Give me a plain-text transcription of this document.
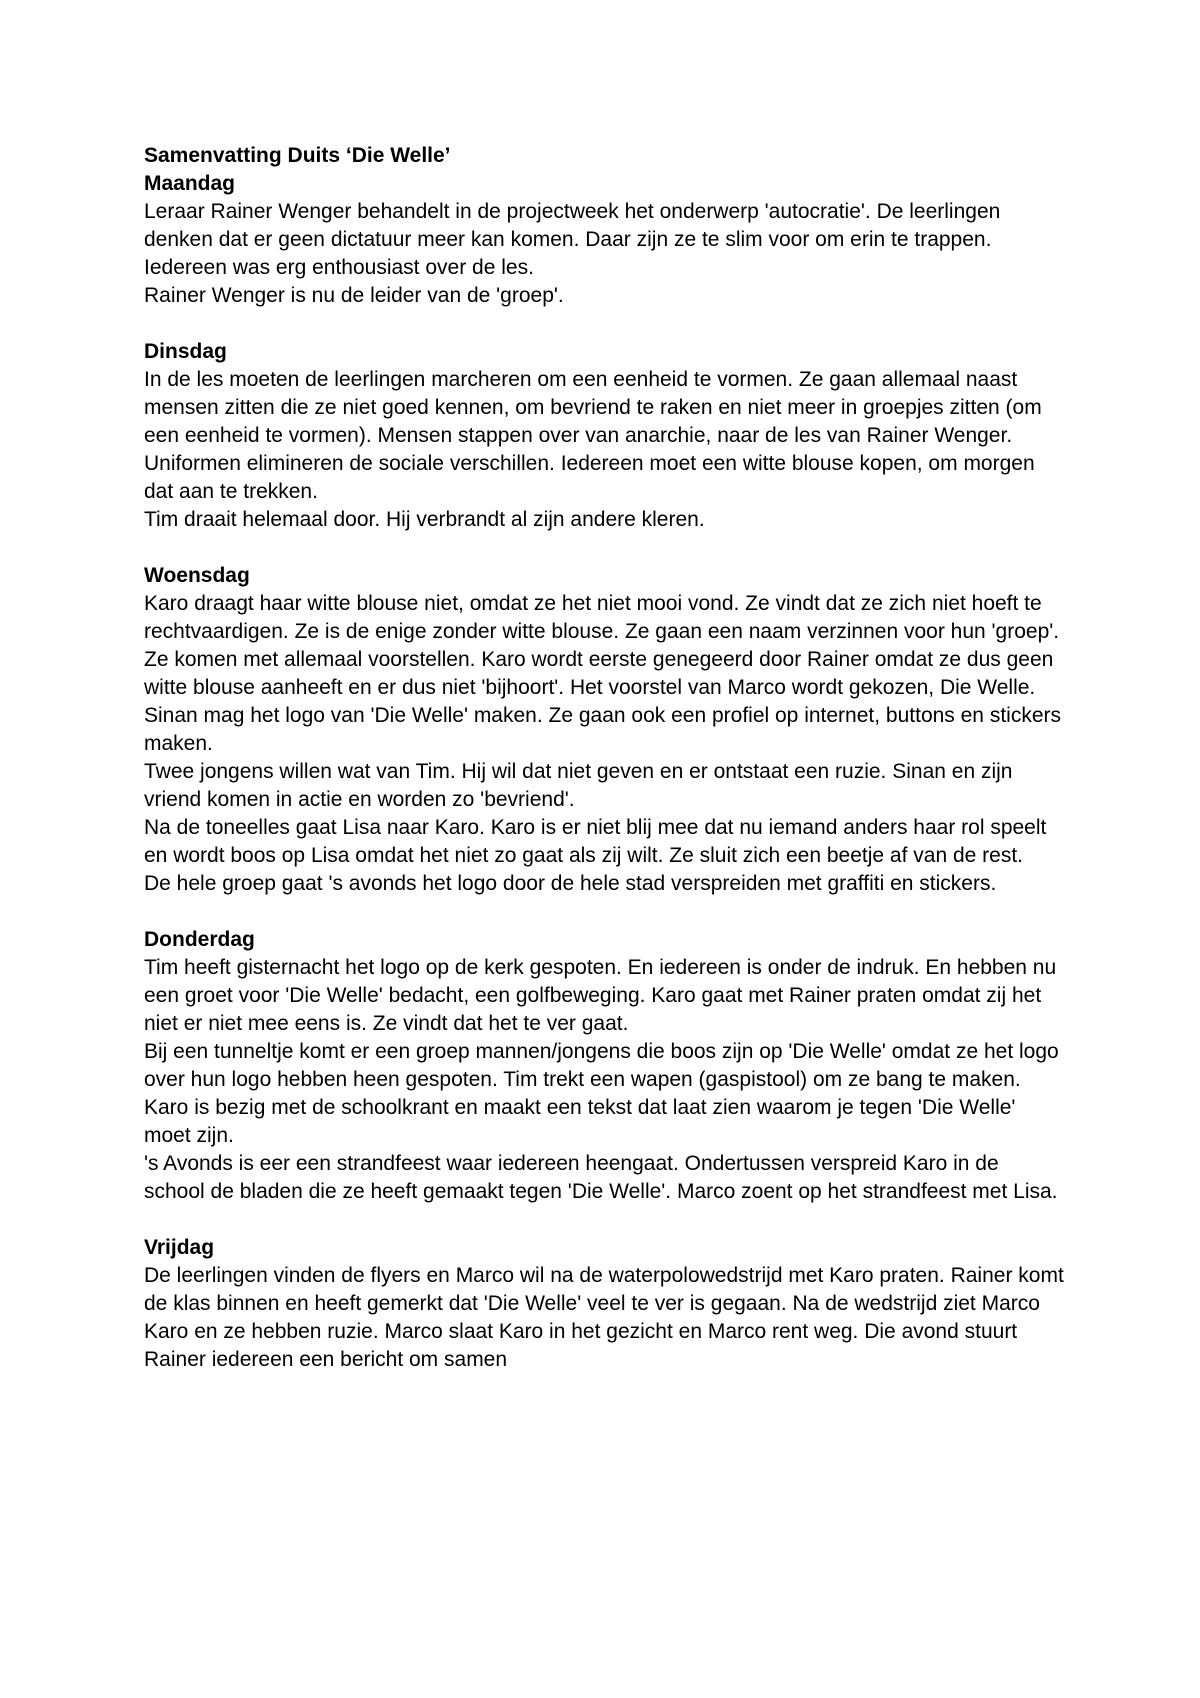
Samenvatting Duits ‘Die Welle’

Maandag

Leraar Rainer Wenger behandelt in de projectweek het onderwerp 'autocratie'. De leerlingen denken dat er geen dictatuur meer kan komen. Daar zijn ze te slim voor om erin te trappen. Iedereen was erg enthousiast over de les.

Rainer Wenger is nu de leider van de 'groep'.

Dinsdag

In de les moeten de leerlingen marcheren om een eenheid te vormen. Ze gaan allemaal naast mensen zitten die ze niet goed kennen, om bevriend te raken en niet meer in groepjes zitten (om een eenheid te vormen). Mensen stappen over van anarchie, naar de les van Rainer Wenger.

Uniformen elimineren de sociale verschillen. Iedereen moet een witte blouse kopen, om morgen dat aan te trekken.

Tim draait helemaal door. Hij verbrandt al zijn andere kleren.

Woensdag

Karo draagt haar witte blouse niet, omdat ze het niet mooi vond. Ze vindt dat ze zich niet hoeft te rechtvaardigen. Ze is de enige zonder witte blouse. Ze gaan een naam verzinnen voor hun 'groep'. Ze komen met allemaal voorstellen. Karo wordt eerste genegeerd door Rainer omdat ze dus geen witte blouse aanheeft en er dus niet 'bijhoort'. Het voorstel van Marco wordt gekozen, Die Welle.

Sinan mag het logo van 'Die Welle' maken. Ze gaan ook een profiel op internet, buttons en stickers maken.

Twee jongens willen wat van Tim. Hij wil dat niet geven en er ontstaat een ruzie. Sinan en zijn vriend komen in actie en worden zo 'bevriend'.

Na de toneelles gaat Lisa naar Karo. Karo is er niet blij mee dat nu iemand anders haar rol speelt en wordt boos op Lisa omdat het niet zo gaat als zij wilt. Ze sluit zich een beetje af van de rest.

De hele groep gaat 's avonds het logo door de hele stad verspreiden met graffiti en stickers.

Donderdag

Tim heeft gisternacht het logo op de kerk gespoten. En iedereen is onder de indruk. En hebben nu een groet voor 'Die Welle' bedacht, een golfbeweging. Karo gaat met Rainer praten omdat zij het niet er niet mee eens is. Ze vindt dat het te ver gaat.

Bij een tunneltje komt er een groep mannen/jongens die boos zijn op 'Die Welle' omdat ze het logo over hun logo hebben heen gespoten. Tim trekt een wapen (gaspistool) om ze bang te maken.

Karo is bezig met de schoolkrant en maakt een tekst dat laat zien waarom je tegen 'Die Welle' moet zijn.

's Avonds is eer een strandfeest waar iedereen heengaat. Ondertussen verspreid Karo in de school de bladen die ze heeft gemaakt tegen 'Die Welle'. Marco zoent op het strandfeest met Lisa.

Vrijdag

De leerlingen vinden de flyers en Marco wil na de waterpolowedstrijd met Karo praten. Rainer komt de klas binnen en heeft gemerkt dat 'Die Welle' veel te ver is gegaan. Na de wedstrijd ziet Marco Karo en ze hebben ruzie. Marco slaat Karo in het gezicht en Marco rent weg. Die avond stuurt Rainer iedereen een bericht om samen
